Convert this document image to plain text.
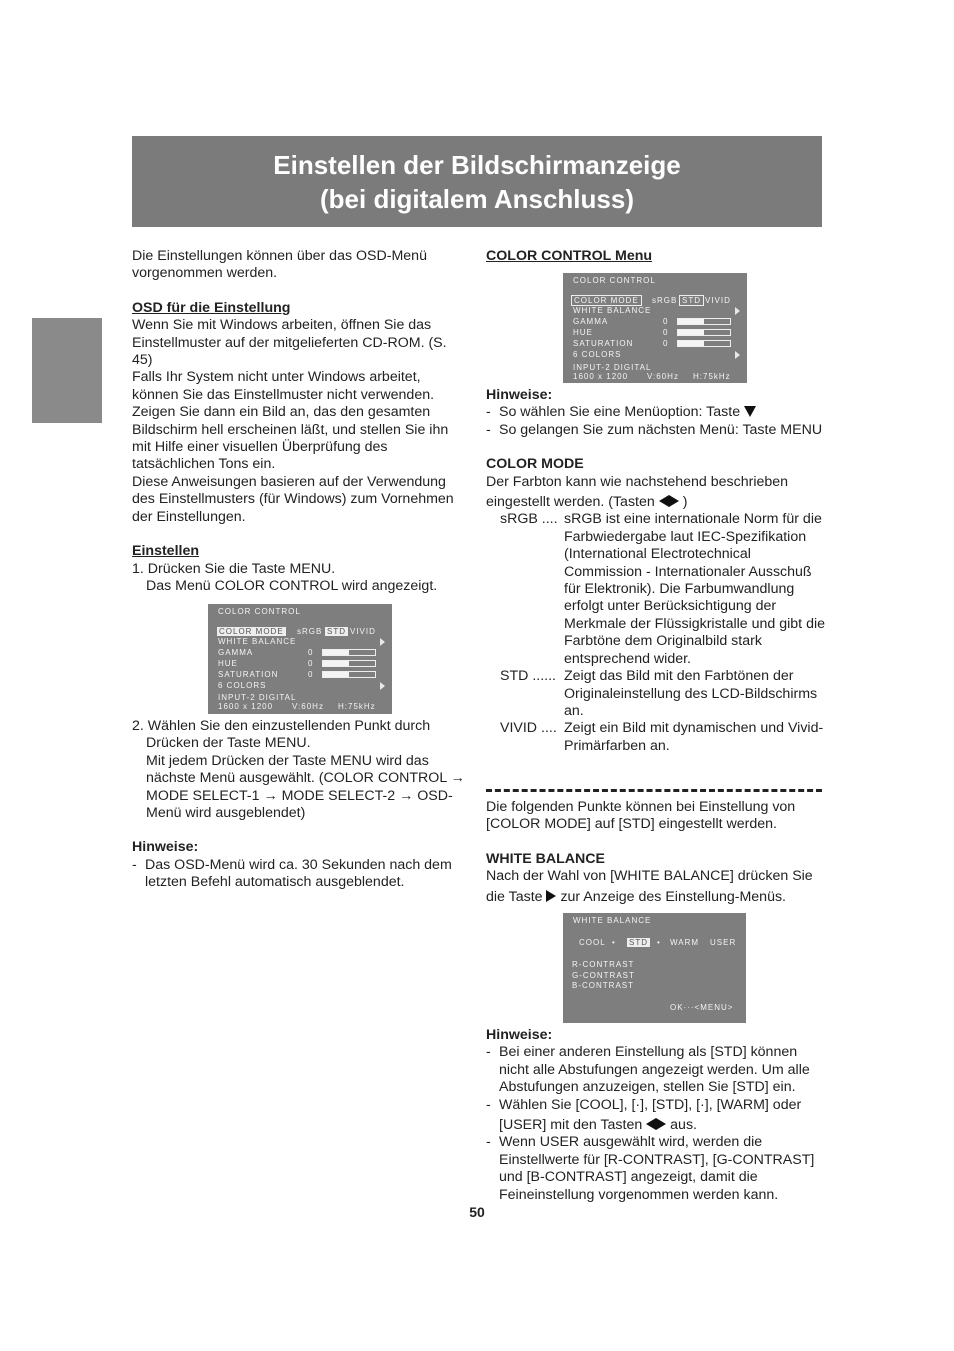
Einstellen der Bildschirmanzeige
(bei digitalem Anschluss)

Die Einstellungen können über das OSD-Menü vorgenommen werden.

OSD für die Einstellung

Wenn Sie mit Windows arbeiten, öffnen Sie das Einstellmuster auf der mitgelieferten CD-ROM. (S. 45)

Falls Ihr System nicht unter Windows arbeitet, können Sie das Einstellmuster nicht verwenden. Zeigen Sie dann ein Bild an, das den gesamten Bildschirm hell erscheinen läßt, und stellen Sie ihn mit Hilfe einer visuellen Überprüfung des tatsächlichen Tons ein.

Diese Anweisungen basieren auf der Verwendung des Einstellmusters (für Windows) zum Vornehmen der Einstellungen.

Einstellen

1. Drücken Sie die Taste MENU.

Das Menü COLOR CONTROL wird angezeigt.

COLOR CONTROL
COLOR MODE sRGB STD VIVID
WHITE BALANCE
GAMMA	0
HUE	0
SATURATION	0
6 COLORS
INPUT-2 DIGITAL
1600 x 1200 V:60Hz H:75kHz

2. Wählen Sie den einzustellenden Punkt durch

Drücken der Taste MENU.

Mit jedem Drücken der Taste MENU wird das nächste Menü ausgewählt. (COLOR CONTROL → MODE SELECT-1 → MODE SELECT-2 → OSD-Menü wird ausgeblendet)

Hinweise:

- Das OSD-Menü wird ca. 30 Sekunden nach dem letzten Befehl automatisch ausgeblendet.

COLOR CONTROL Menu

COLOR CONTROL
COLOR MODE	sRGB STD VIVID
WHITE BALANCE
GAMMA	0
HUE	0
SATURATION	0
6 COLORS
INPUT-2 DIGITAL
1600 x 1200 V:60Hz H:75kHz

Hinweise:

- So wählen Sie eine Menüoption: Taste

- So gelangen Sie zum nächsten Menü: Taste MENU

COLOR MODE

Der Farbton kann wie nachstehend beschrieben

eingestellt werden. (Tasten )

sRGB .... sRGB ist eine internationale Norm für die Farbwiedergabe laut IEC-Spezifikation (International Electrotechnical Commission - Internationaler Ausschuß für Elektronik). Die Farbumwandlung erfolgt unter Berücksichtigung der Merkmale der Flüssigkristalle und gibt die Farbtöne dem Originalbild stark entsprechend wider.
STD ...... Zeigt das Bild mit den Farbtönen der Originaleinstellung des LCD-Bildschirms an.
VIVID .... Zeigt ein Bild mit dynamischen und Vivid-Primärfarben an.

Die folgenden Punkte können bei Einstellung von [COLOR MODE] auf [STD] eingestellt werden.

WHITE BALANCE

Nach der Wahl von [WHITE BALANCE] drücken Sie

die Taste zur Anzeige des Einstellung-Menüs.

WHITE BALANCE
COOL • STD • WARM USER
R-CONTRAST
G-CONTRAST
B-CONTRAST
OK···<MENU>

Hinweise:

- Bei einer anderen Einstellung als [STD] können nicht alle Abstufungen angezeigt werden. Um alle Abstufungen anzuzeigen, stellen Sie [STD] ein.

- Wählen Sie [COOL], [·], [STD], [·], [WARM] oder

[USER] mit den Tasten aus.

- Wenn USER ausgewählt wird, werden die Einstellwerte für [R-CONTRAST], [G-CONTRAST] und [B-CONTRAST] angezeigt, damit die Feineinstellung vorgenommen werden kann.

50
